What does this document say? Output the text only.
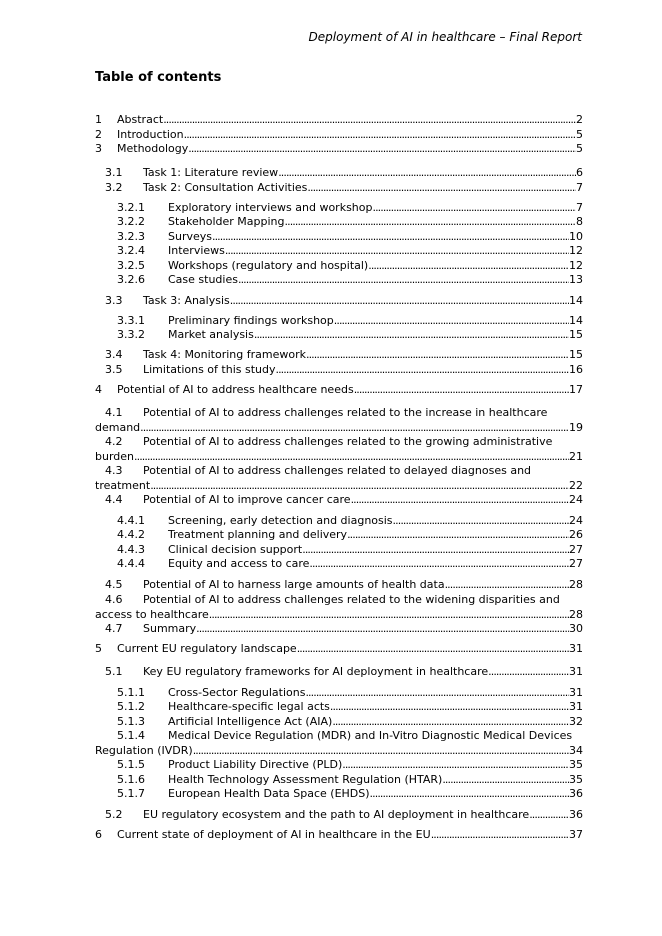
Deployment of AI in healthcare – Final Report
Table of contents
1	Abstract . . .	2
2	Introduction . . .	5
3	Methodology . . .	5
3.1	Task 1: Literature review . . .	6
3.2	Task 2: Consultation Activities . . .	7
3.2.1	Exploratory interviews and workshop . . .	7
3.2.2	Stakeholder Mapping . . .	8
3.2.3	Surveys . . .	10
3.2.4	Interviews . . .	12
3.2.5	Workshops (regulatory and hospital) . . .	12
3.2.6	Case studies . . .	13
3.3	Task 3: Analysis . . .	14
3.3.1	Preliminary findings workshop . . .	14
3.3.2	Market analysis . . .	15
3.4	Task 4: Monitoring framework . . .	15
3.5	Limitations of this study . . .	16
4	Potential of AI to address healthcare needs . . .	17
4.1 Potential of AI to address challenges related to the increase in healthcare
demand . . .	19
4.2 Potential of AI to address challenges related to the growing administrative
burden . . .	21
4.3 Potential of AI to address challenges related to delayed diagnoses and
treatment . . .	22
4.4	Potential of AI to improve cancer care . . .	24
4.4.1	Screening, early detection and diagnosis . . .	24
4.4.2	Treatment planning and delivery . . .	26
4.4.3	Clinical decision support . . .	27
4.4.4	Equity and access to care . . .	27
4.5	Potential of AI to harness large amounts of health data . . .	28
4.6 Potential of AI to address challenges related to the widening disparities and
access to healthcare . . .	28
4.7	Summary . . .	30
5	Current EU regulatory landscape . . .	31
5.1	Key EU regulatory frameworks for AI deployment in healthcare . . .	31
5.1.1	Cross-Sector Regulations . . .	31
5.1.2	Healthcare-specific legal acts . . .	31
5.1.3	Artificial Intelligence Act (AIA) . . .	32
5.1.4 Medical Device Regulation (MDR) and In-Vitro Diagnostic Medical Devices
Regulation (IVDR) . . .	34
5.1.5	Product Liability Directive (PLD) . . .	35
5.1.6	Health Technology Assessment Regulation (HTAR) . . .	35
5.1.7	European Health Data Space (EHDS) . . .	36
5.2	EU regulatory ecosystem and the path to AI deployment in healthcare . . .	36
6	Current state of deployment of AI in healthcare in the EU . . .	37
